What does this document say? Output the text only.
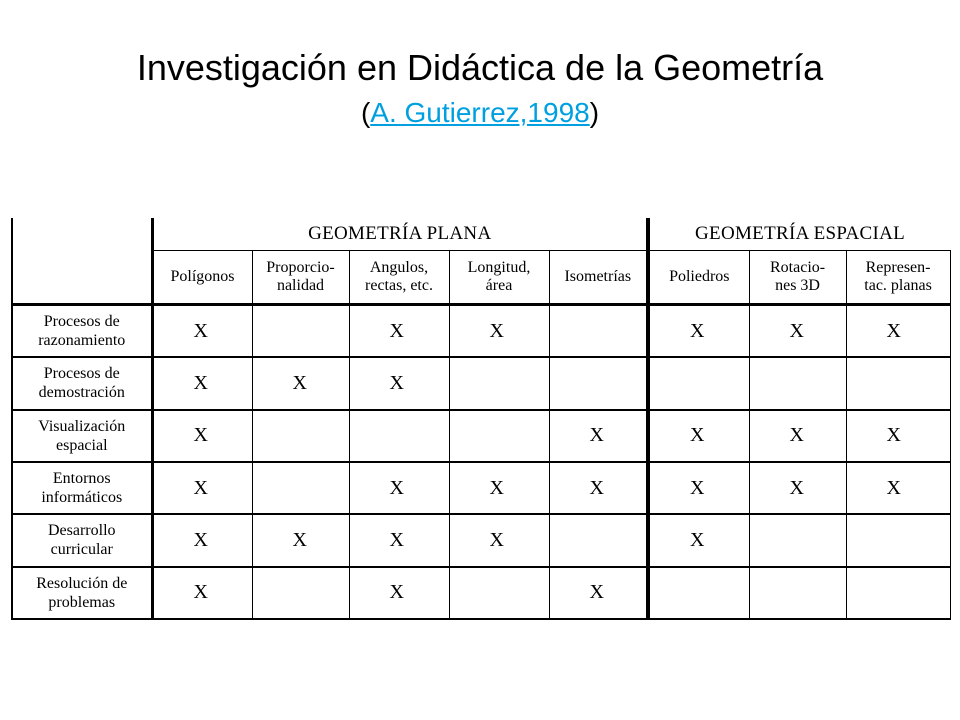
Investigación en Didáctica de la Geometría
(A. Gutierrez,1998)
	GEOMETRÍA PLANA					GEOMETRÍA ESPACIAL		
	Polígonos	Proporcio-
nalidad	Angulos,
rectas, etc.	Longitud,
área	Isometrías	Poliedros	Rotacio-
nes 3D	Represen-
tac. planas
Procesos de
razonamiento	X		X	X		X	X	X
Procesos de
demostración	X	X	X					
Visualización
espacial	X				X	X	X	X
Entornos
informáticos	X		X	X	X	X	X	X
Desarrollo
curricular	X	X	X	X		X		
Resolución de
problemas	X		X		X			
